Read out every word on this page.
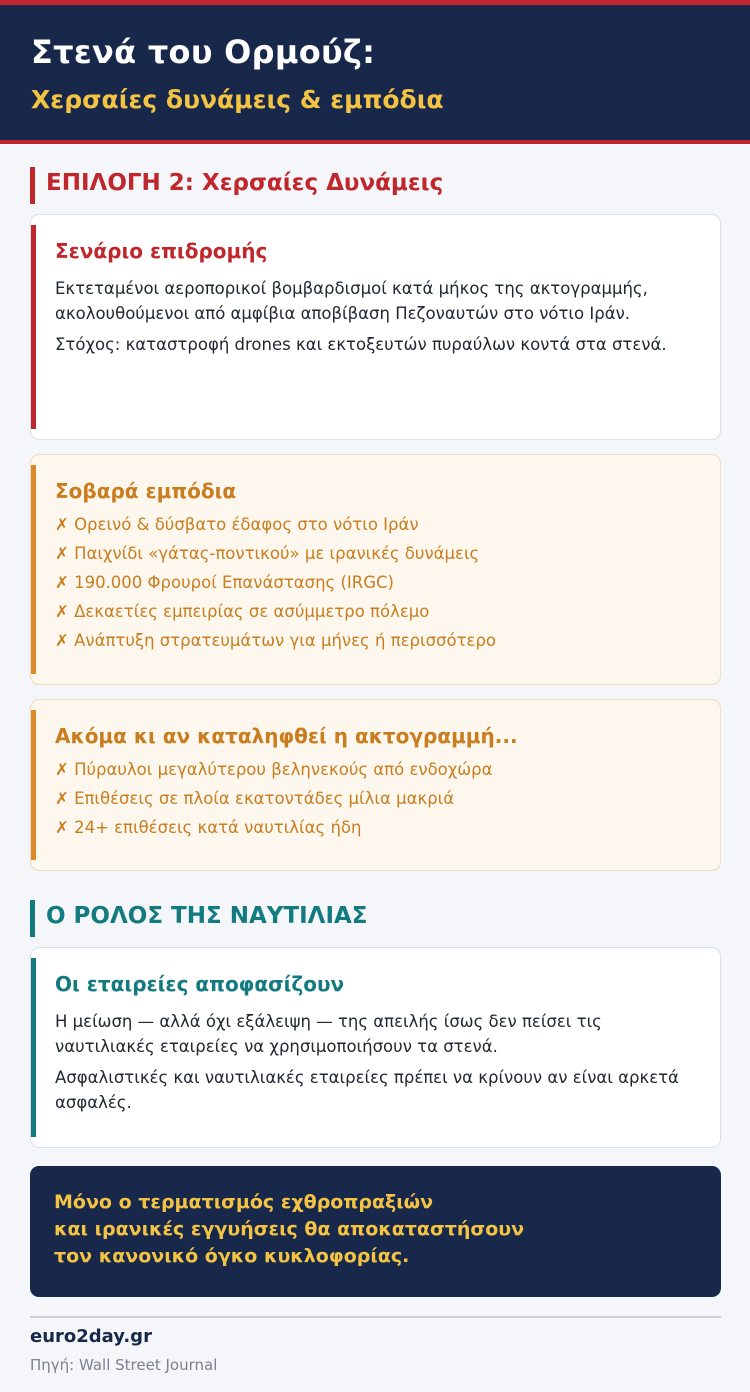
Στενά του Ορμούζ:
Χερσαίες δυνάμεις & εμπόδια
ΕΠΙΛΟΓΗ 2: Χερσαίες Δυνάμεις
Σενάριο επιδρομής

Εκτεταμένοι αεροπορικοί βομβαρδισμοί κατά μήκος της ακτογραμμής, ακολουθούμενοι από αμφίβια αποβίβαση Πεζοναυτών στο νότιο Ιράν.

Στόχος: καταστροφή drones και εκτοξευτών πυραύλων κοντά στα στενά.

Σοβαρά εμπόδια
✗ Ορεινό & δύσβατο έδαφος στο νότιο Ιράν
✗ Παιχνίδι «γάτας-ποντικού» με ιρανικές δυνάμεις
✗ 190.000 Φρουροί Επανάστασης (IRGC)
✗ Δεκαετίες εμπειρίας σε ασύμμετρο πόλεμο
✗ Ανάπτυξη στρατευμάτων για μήνες ή περισσότερο
Ακόμα κι αν καταληφθεί η ακτογραμμή...
✗ Πύραυλοι μεγαλύτερου βεληνεκούς από ενδοχώρα
✗ Επιθέσεις σε πλοία εκατοντάδες μίλια μακριά
✗ 24+ επιθέσεις κατά ναυτιλίας ήδη
Ο ΡΟΛΟΣ ΤΗΣ ΝΑΥΤΙΛΙΑΣ
Οι εταιρείες αποφασίζουν

Η μείωση — αλλά όχι εξάλειψη — της απειλής ίσως δεν πείσει τις ναυτιλιακές εταιρείες να χρησιμοποιήσουν τα στενά.

Ασφαλιστικές και ναυτιλιακές εταιρείες πρέπει να κρίνουν αν είναι αρκετά ασφαλές.

Μόνο ο τερματισμός εχθροπραξιών
και ιρανικές εγγυήσεις θα αποκαταστήσουν
τον κανονικό όγκο κυκλοφορίας.
euro2day.gr
Πηγή: Wall Street Journal
